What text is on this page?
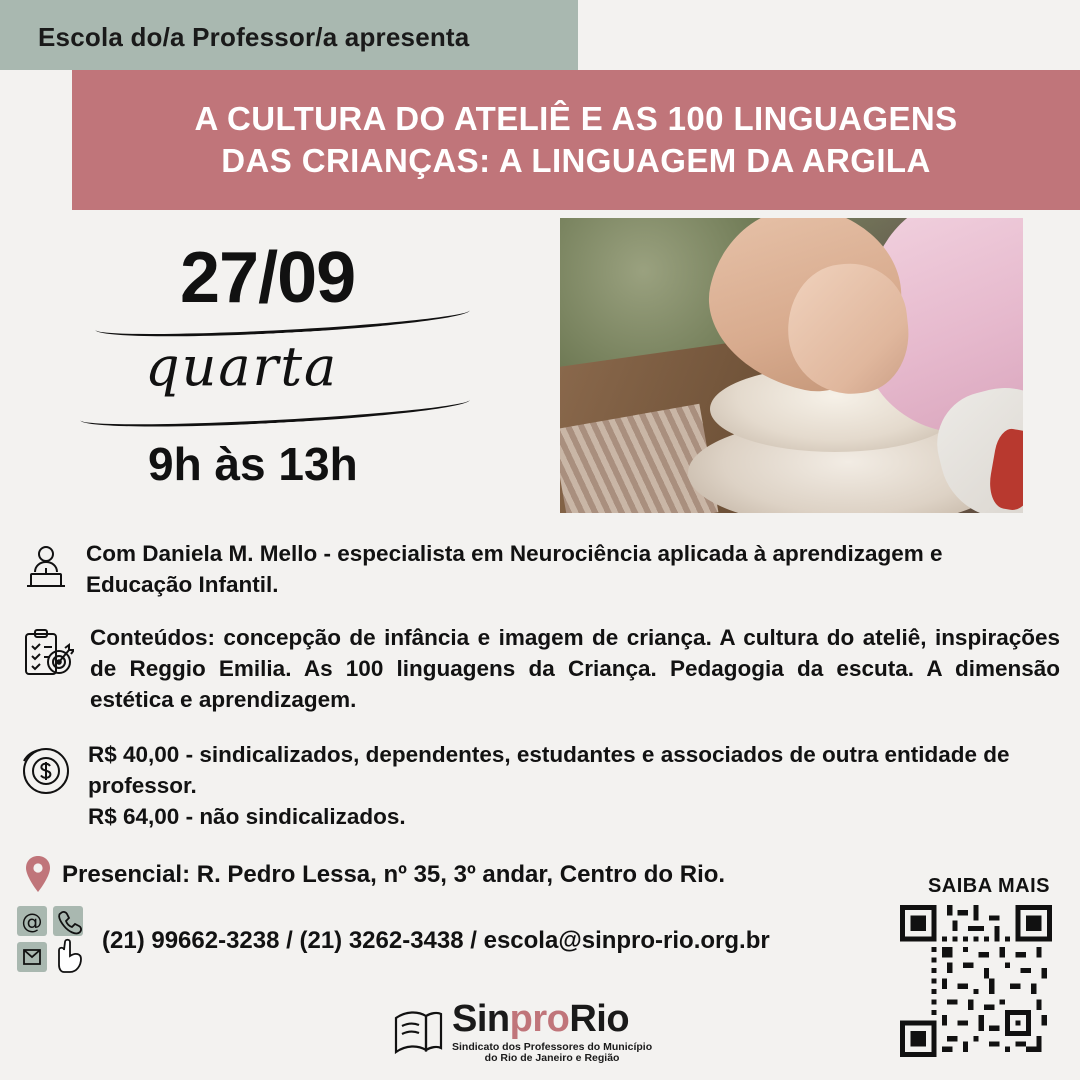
Escola do/a Professor/a apresenta
A CULTURA DO ATELIÊ E AS 100 LINGUAGENS
DAS CRIANÇAS: A LINGUAGEM DA ARGILA
27/09
quarta
9h às 13h
Com Daniela M. Mello - especialista em Neurociência aplicada à aprendizagem e Educação Infantil.
Conteúdos: concepção de infância e imagem de criança. A cultura do ateliê, inspirações de Reggio Emilia. As 100 linguagens da Criança. Pedagogia da escuta. A dimensão estética e aprendizagem.
R$ 40,00 - sindicalizados, dependentes, estudantes e associados de outra entidade de professor.
R$ 64,00 - não sindicalizados.
Presencial: R. Pedro Lessa, nº 35, 3º andar, Centro do Rio.
@
(21) 99662-3238 / (21) 3262-3438 / escola@sinpro-rio.org.br
SAIBA MAIS
SinproRio
Sindicato dos Professores do Município
do Rio de Janeiro e Região
